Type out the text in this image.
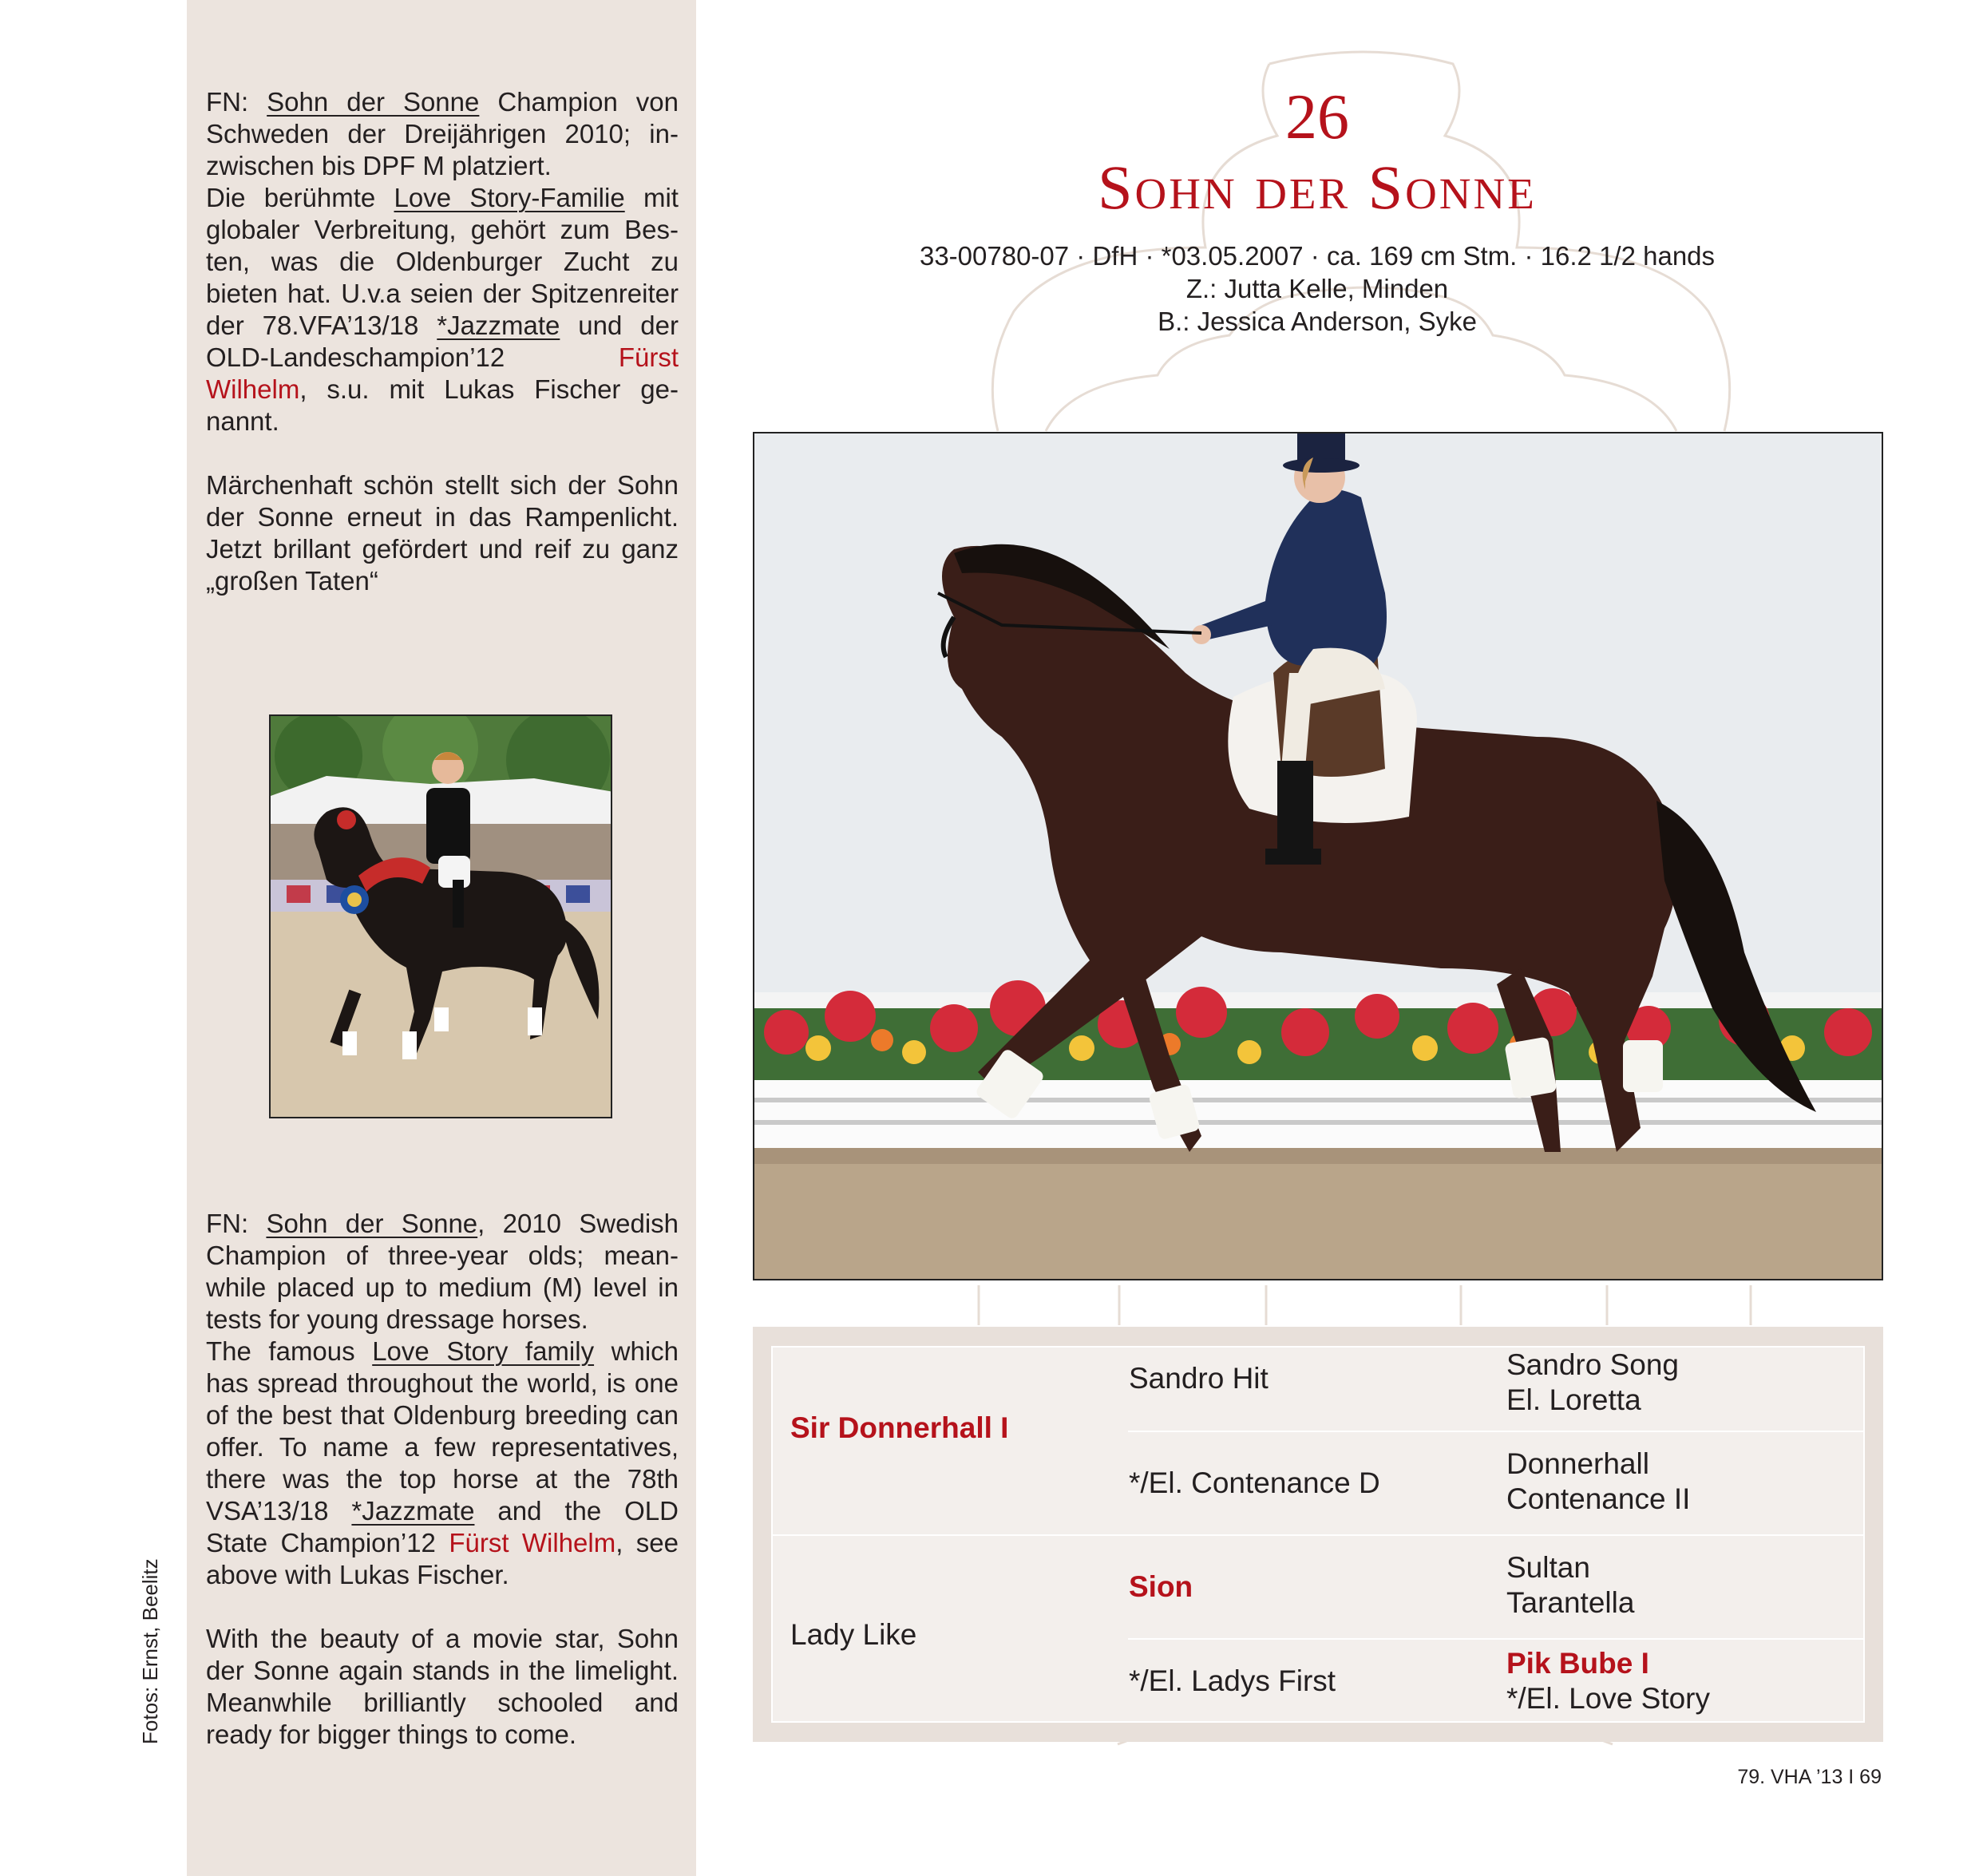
FN: Sohn der Sonne Champion von Schweden der Dreijährigen 2010; inzwischen bis DPF M platziert.

Die berühmte Love Story-Familie mit globaler Verbreitung, gehört zum Besten, was die Oldenburger Zucht zu bieten hat. U.v.a seien der Spitzenreiter der 78.VFA’13/18 *Jazzmate und der OLD-Landeschampion’12 Fürst Wilhelm, s.u. mit Lukas Fischer genannt.

Märchenhaft schön stellt sich der Sohn der Sonne erneut in das Rampenlicht. Jetzt brillant gefördert und reif zu ganz „großen Taten“

FN: Sohn der Sonne, 2010 Swedish Champion of three-year olds; meanwhile placed up to medium (M) level in tests for young dressage horses.

The famous Love Story family which has spread throughout the world, is one of the best that Oldenburg breeding can offer. To name a few representatives, there was the top horse at the 78th VSA’13/18 *Jazzmate and the OLD State Champion’12 Fürst Wilhelm, see above with Lukas Fischer.

With the beauty of a movie star, Sohn der Sonne again stands in the limelight. Meanwhile brilliantly schooled and ready for bigger things to come.

Fotos: Ernst, Beelitz
26
Sohn der Sonne
33-00780-07 · DfH · *03.05.2007 · ca. 169 cm Stm. · 16.2 1/2 hands
Z.: Jutta Kelle, Minden
B.: Jessica Anderson, Syke
Sir Donnerhall I
Lady Like
Sandro Hit
*/El. Contenance D
Sion
*/El. Ladys First
Sandro Song
El. Loretta
Donnerhall
Contenance II
Sultan
Tarantella
Pik Bube I
*/El. Love Story
79. VHA ’13 I 69
